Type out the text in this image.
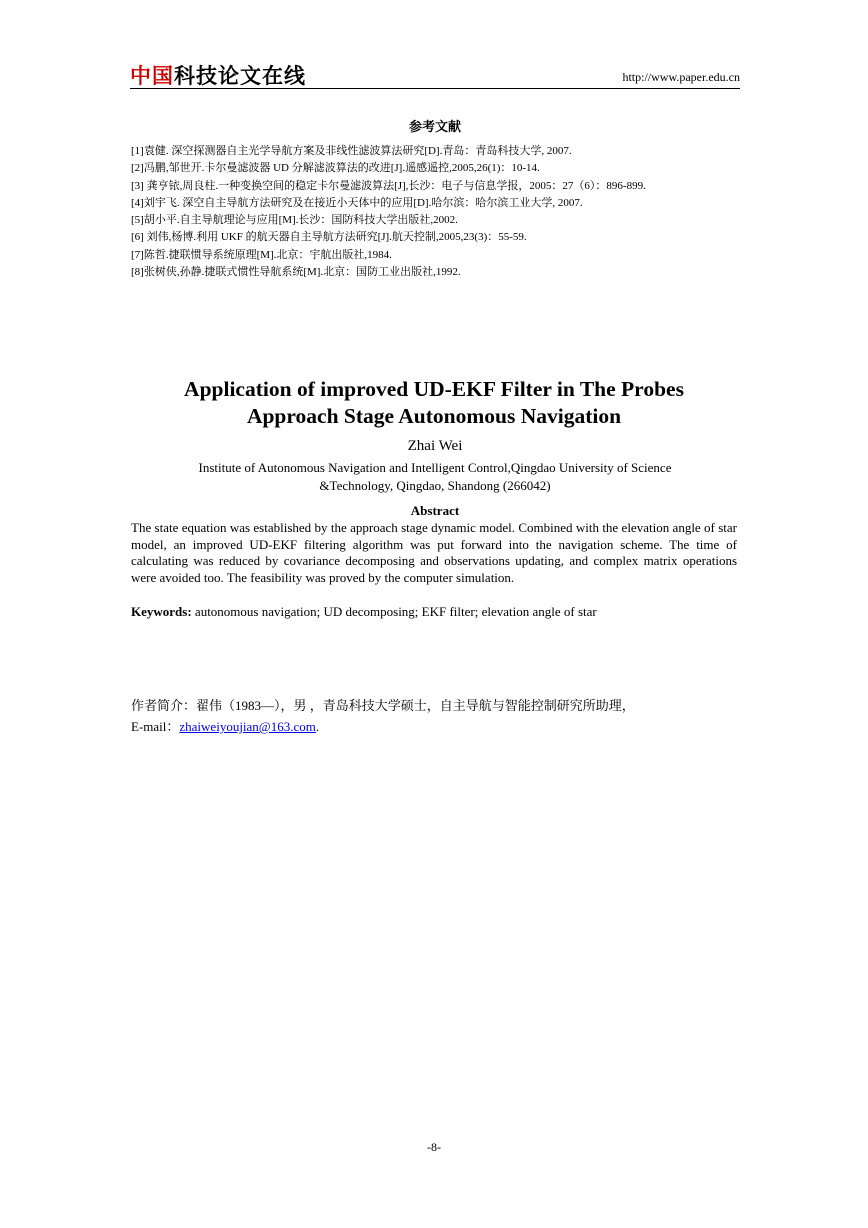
中国科技论文在线	http://www.paper.edu.cn
参考文献
[1]袁健. 深空探测器自主光学导航方案及非线性滤波算法研究[D].青岛：青岛科技大学, 2007.
[2]冯鹏,邹世开.卡尔曼滤波器 UD 分解滤波算法的改进[J].遥感遥控,2005,26(1)：10-14.
[3] 龚亨铱,周良柱.一种变换空间的稳定卡尔曼滤波算法[J],长沙：电子与信息学报，2005：27（6）：896-899.
[4]刘宇飞. 深空自主导航方法研究及在接近小天体中的应用[D].哈尔滨：哈尔滨工业大学, 2007.
[5]胡小平.自主导航理论与应用[M].长沙：国防科技大学出版社,2002.
[6] 刘伟,杨博.利用 UKF 的航天器自主导航方法研究[J].航天控制,2005,23(3)：55-59.
[7]陈哲.捷联惯导系统原理[M].北京：宇航出版社,1984.
[8]张树侠,孙静.捷联式惯性导航系统[M].北京：国防工业出版社,1992.
Application of improved UD-EKF Filter in The Probes
Approach Stage Autonomous Navigation
Zhai Wei
Institute of Autonomous Navigation and Intelligent Control,Qingdao University of Science
&Technology, Qingdao, Shandong (266042)
Abstract
The state equation was established by the approach stage dynamic model. Combined with the elevation angle of star model, an improved UD-EKF filtering algorithm was put forward into the navigation scheme. The time of calculating was reduced by covariance decomposing and observations updating, and complex matrix operations were avoided too. The feasibility was proved by the computer simulation.
Keywords: autonomous navigation; UD decomposing; EKF filter; elevation angle of star
作者简介：翟伟（1983—），男 ，青岛科技大学硕士，自主导航与智能控制研究所助理，
E-mail：zhaiweiyoujian@163.com.
-8-
